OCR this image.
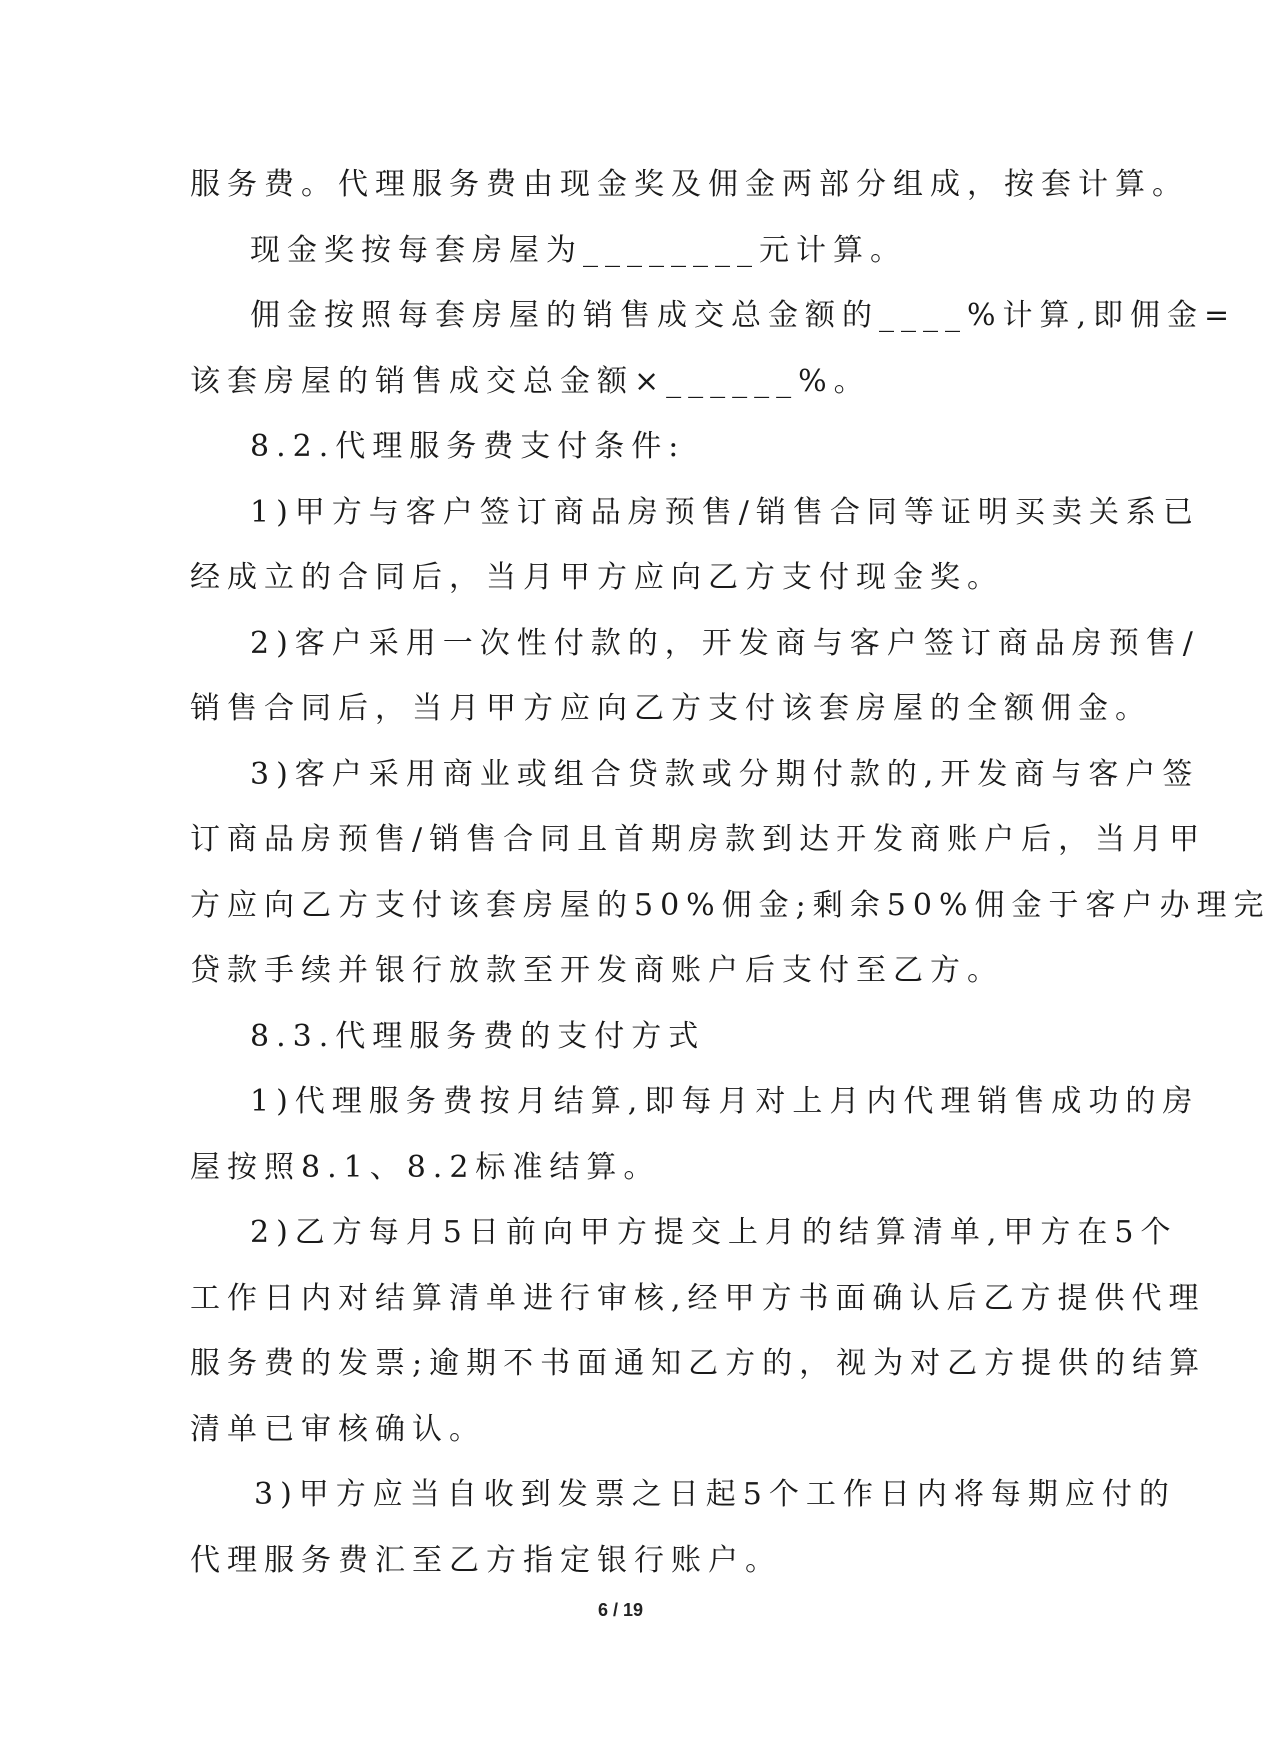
服务费。代理服务费由现金奖及佣金两部分组成，按套计算。
现金奖按每套房屋为________元计算。
佣金按照每套房屋的销售成交总金额的____%计算,即佣金=
该套房屋的销售成交总金额×______%。
8.2.代理服务费支付条件:
1)甲方与客户签订商品房预售/销售合同等证明买卖关系已
经成立的合同后，当月甲方应向乙方支付现金奖。
2)客户采用一次性付款的，开发商与客户签订商品房预售/
销售合同后，当月甲方应向乙方支付该套房屋的全额佣金。
3)客户采用商业或组合贷款或分期付款的,开发商与客户签
订商品房预售/销售合同且首期房款到达开发商账户后，当月甲
方应向乙方支付该套房屋的50%佣金;剩余50%佣金于客户办理完
贷款手续并银行放款至开发商账户后支付至乙方。
8.3.代理服务费的支付方式
1)代理服务费按月结算,即每月对上月内代理销售成功的房
屋按照8.1、8.2标准结算。
2)乙方每月5日前向甲方提交上月的结算清单,甲方在5个
工作日内对结算清单进行审核,经甲方书面确认后乙方提供代理
服务费的发票;逾期不书面通知乙方的，视为对乙方提供的结算
清单已审核确认。
3)甲方应当自收到发票之日起5个工作日内将每期应付的
代理服务费汇至乙方指定银行账户。
6 / 19
